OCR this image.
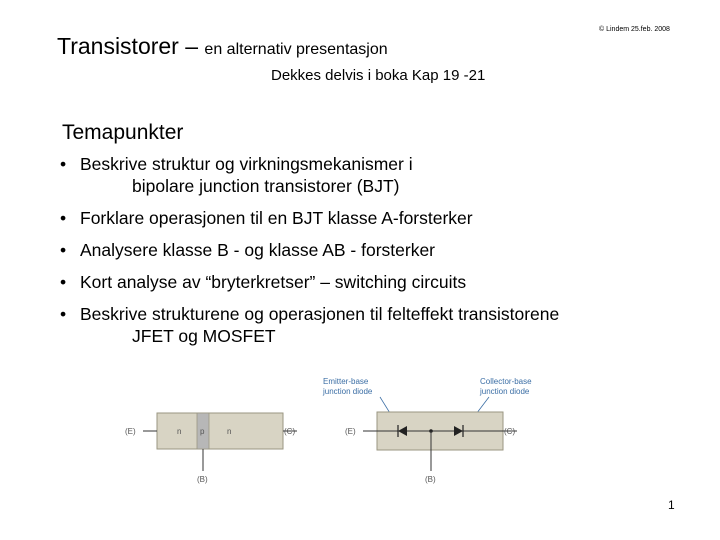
Transistorer – en alternativ presentasjon
© Lindem 25.feb. 2008
Dekkes delvis i boka Kap 19 -21
Temapunkter
• Beskrive struktur og virkningsmekanismer i
bipolare junction transistorer (BJT)
• Forklare operasjonen til en BJT klasse A-forsterker
• Analysere klasse B - og klasse AB - forsterker
• Kort analyse av “bryterkretser” – switching circuits
• Beskrive strukturene og operasjonen til felteffekt transistorene
JFET og MOSFET
(E)	(C)
(B)
n p	n
Emitter-base
junction diode
Collector-base
junction diode
(E)	(C)
(B)
1
